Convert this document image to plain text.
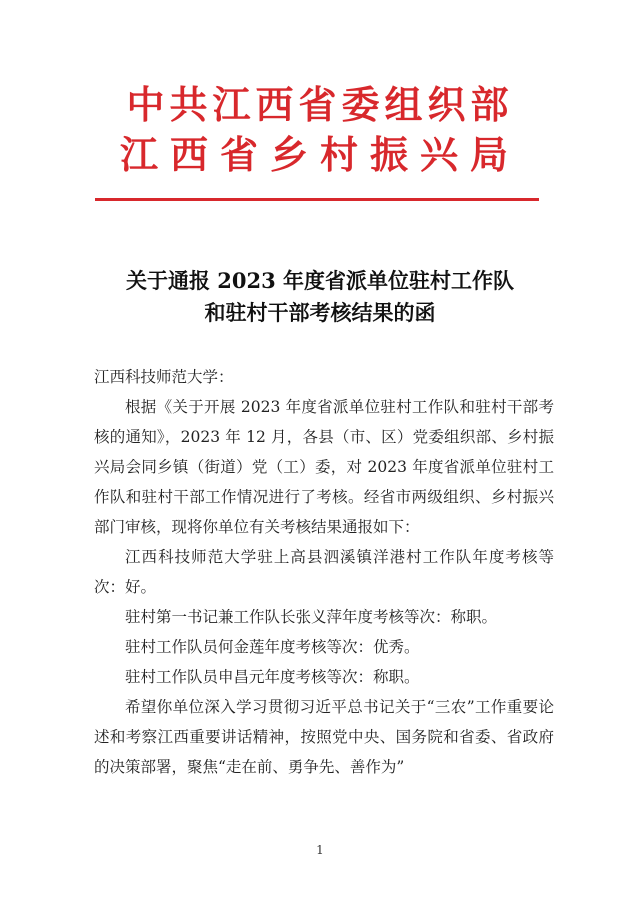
中共江西省委组织部
江西省乡村振兴局
关于通报 2023 年度省派单位驻村工作队
和驻村干部考核结果的函

江西科技师范大学：

根据《关于开展 2023 年度省派单位驻村工作队和驻村干部考核的通知》，2023 年 12 月，各县（市、区）党委组织部、乡村振兴局会同乡镇（街道）党（工）委，对 2023 年度省派单位驻村工作队和驻村干部工作情况进行了考核。经省市两级组织、乡村振兴部门审核，现将你单位有关考核结果通报如下：

江西科技师范大学驻上高县泗溪镇洋港村工作队年度考核等次：好。

驻村第一书记兼工作队长张义萍年度考核等次：称职。

驻村工作队员何金莲年度考核等次：优秀。

驻村工作队员申昌元年度考核等次：称职。

希望你单位深入学习贯彻习近平总书记关于“三农”工作重要论述和考察江西重要讲话精神，按照党中央、国务院和省委、省政府的决策部署，聚焦“走在前、勇争先、善作为”

1
